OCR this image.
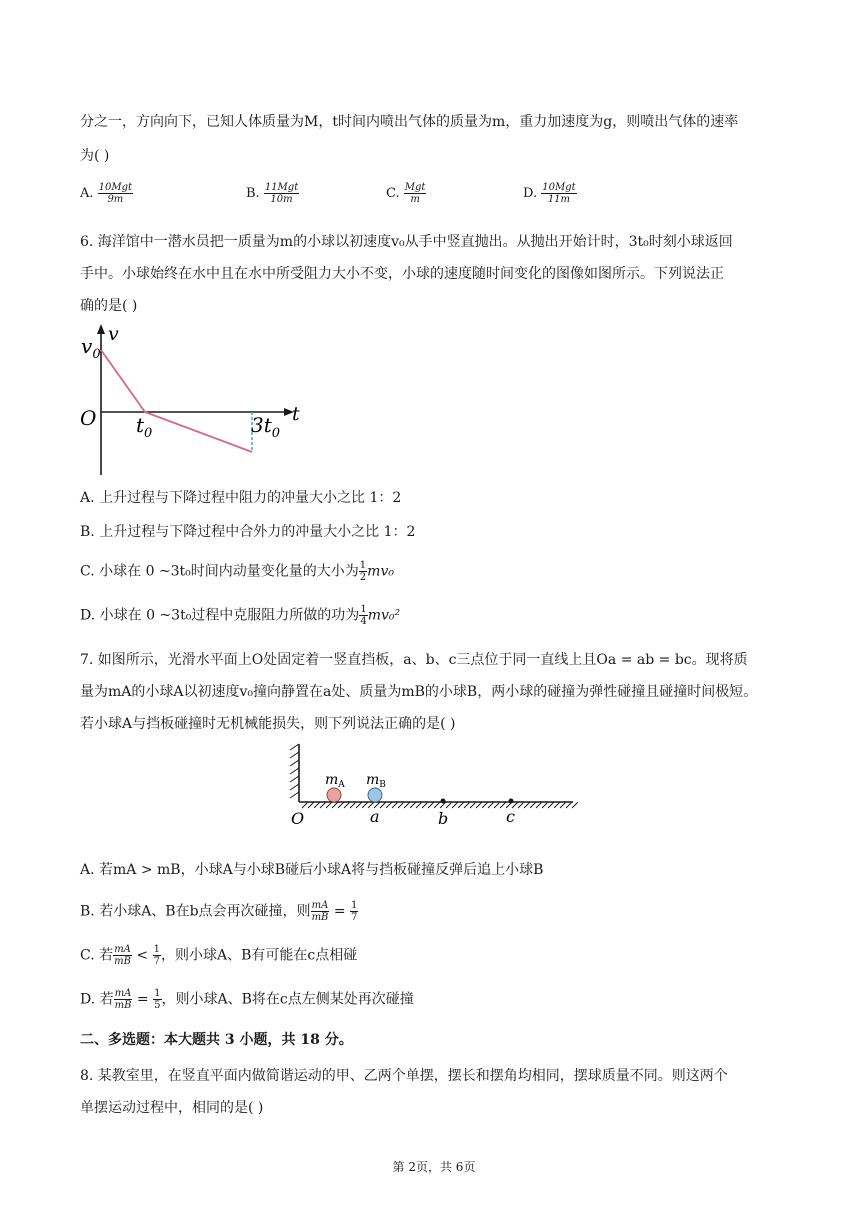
分之一，方向向下，已知人体质量为M，t时间内喷出气体的质量为m，重力加速度为g，则喷出气体的速率
为( )
A. $\frac{\text{10Mgt}}{9m}$	B. $\frac{\text{11Mgt}}{10m}$	C. $\frac{\text{Mgt}}{m}$	D. $\frac{\text{10Mgt}}{11m}$
6. 海洋馆中一潜水员把一质量为m的小球以初速度v₀从手中竖直抛出。从抛出开始计时，3t₀时刻小球返回
手中。小球始终在水中且在水中所受阻力大小不变，小球的速度随时间变化的图像如图所示。下列说法正
确的是( )
v
t
O
$v_0$
$t_0$	$3t_0$
A. 上升过程与下降过程中阻力的冲量大小之比 1：2
B. 上升过程与下降过程中合外力的冲量大小之比 1：2
C. 小球在 0 ~3t₀时间内动量变化量的大小为 $\frac{1}{2} mv_0$
D. 小球在 0 ~3t₀过程中克服阻力所做的功为 $\frac{1}{4} mv_0^2$
7. 如图所示，光滑水平面上O处固定着一竖直挡板，a、b、c三点位于同一直线上且Oa = ab = bc。现将质
量为mA的小球A以初速度v₀撞向静置在a处、质量为mB的小球B，两小球的碰撞为弹性碰撞且碰撞时间极短。
若小球A与挡板碰撞时无机械能损失，则下列说法正确的是( )
$m_A$ $m_B$
O	a	b	c
A. 若mA > mB，小球A与小球B碰后小球A将与挡板碰撞反弹后追上小球B
B. 若小球A、B在b点会再次碰撞，则 $\frac{mA}{mB} = \frac{1}{7}$
C. 若 $\frac{mA}{mB} < \frac{1}{7}$ ，则小球A、B有可能在c点相碰
D. 若 $\frac{mA}{mB} = \frac{1}{5}$ ，则小球A、B将在c点左侧某处再次碰撞
二、多选题：本大题共 3 小题，共 18 分。
8. 某教室里，在竖直平面内做简谐运动的甲、乙两个单摆，摆长和摆角均相同，摆球质量不同。则这两个
单摆运动过程中，相同的是( )
第 2页，共 6页
